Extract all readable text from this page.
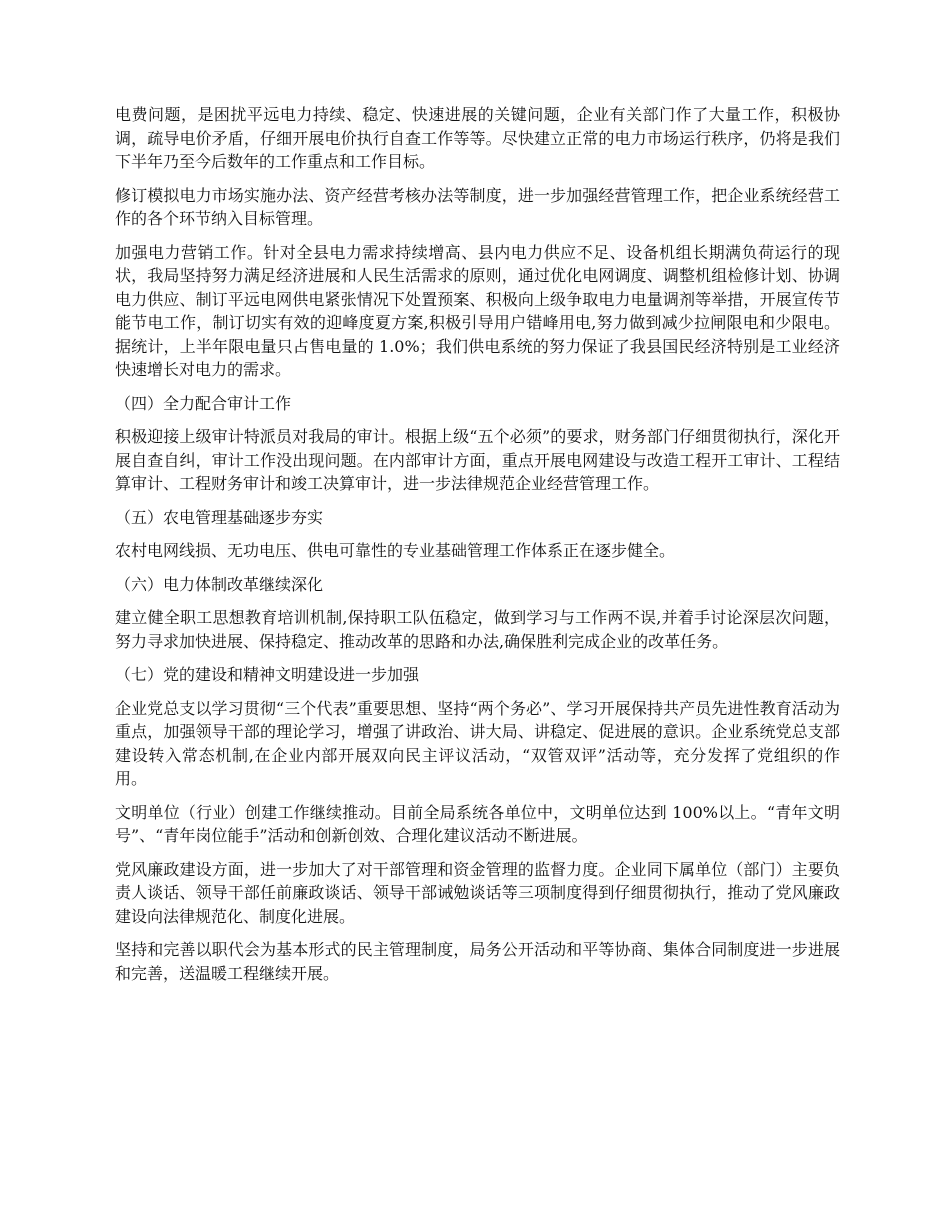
电费问题，是困扰平远电力持续、稳定、快速进展的关键问题，企业有关部门作了大量工作，积极协调，疏导电价矛盾，仔细开展电价执行自查工作等等。尽快建立正常的电力市场运行秩序，仍将是我们下半年乃至今后数年的工作重点和工作目标。

修订模拟电力市场实施办法、资产经营考核办法等制度，进一步加强经营管理工作，把企业系统经营工作的各个环节纳入目标管理。

加强电力营销工作。针对全县电力需求持续增高、县内电力供应不足、设备机组长期满负荷运行的现状，我局坚持努力满足经济进展和人民生活需求的原则，通过优化电网调度、调整机组检修计划、协调电力供应、制订平远电网供电紧张情况下处置预案、积极向上级争取电力电量调剂等举措，开展宣传节能节电工作，制订切实有效的迎峰度夏方案,积极引导用户错峰用电,努力做到减少拉闸限电和少限电。据统计，上半年限电量只占售电量的 1.0%；我们供电系统的努力保证了我县国民经济特别是工业经济快速增长对电力的需求。

（四）全力配合审计工作

积极迎接上级审计特派员对我局的审计。根据上级“五个必须”的要求，财务部门仔细贯彻执行，深化开展自查自纠，审计工作没出现问题。在内部审计方面，重点开展电网建设与改造工程开工审计、工程结算审计、工程财务审计和竣工决算审计，进一步法律规范企业经营管理工作。

（五）农电管理基础逐步夯实

农村电网线损、无功电压、供电可靠性的专业基础管理工作体系正在逐步健全。

（六）电力体制改革继续深化

建立健全职工思想教育培训机制,保持职工队伍稳定，做到学习与工作两不误,并着手讨论深层次问题，努力寻求加快进展、保持稳定、推动改革的思路和办法,确保胜利完成企业的改革任务。

（七）党的建设和精神文明建设进一步加强

企业党总支以学习贯彻“三个代表”重要思想、坚持“两个务必”、学习开展保持共产员先进性教育活动为重点，加强领导干部的理论学习，增强了讲政治、讲大局、讲稳定、促进展的意识。企业系统党总支部建设转入常态机制,在企业内部开展双向民主评议活动，“双管双评”活动等，充分发挥了党组织的作用。

文明单位（行业）创建工作继续推动。目前全局系统各单位中，文明单位达到 100%以上。“青年文明号”、“青年岗位能手”活动和创新创效、合理化建议活动不断进展。

党风廉政建设方面，进一步加大了对干部管理和资金管理的监督力度。企业同下属单位（部门）主要负责人谈话、领导干部任前廉政谈话、领导干部诫勉谈话等三项制度得到仔细贯彻执行，推动了党风廉政建设向法律规范化、制度化进展。

坚持和完善以职代会为基本形式的民主管理制度，局务公开活动和平等协商、集体合同制度进一步进展和完善，送温暖工程继续开展。
